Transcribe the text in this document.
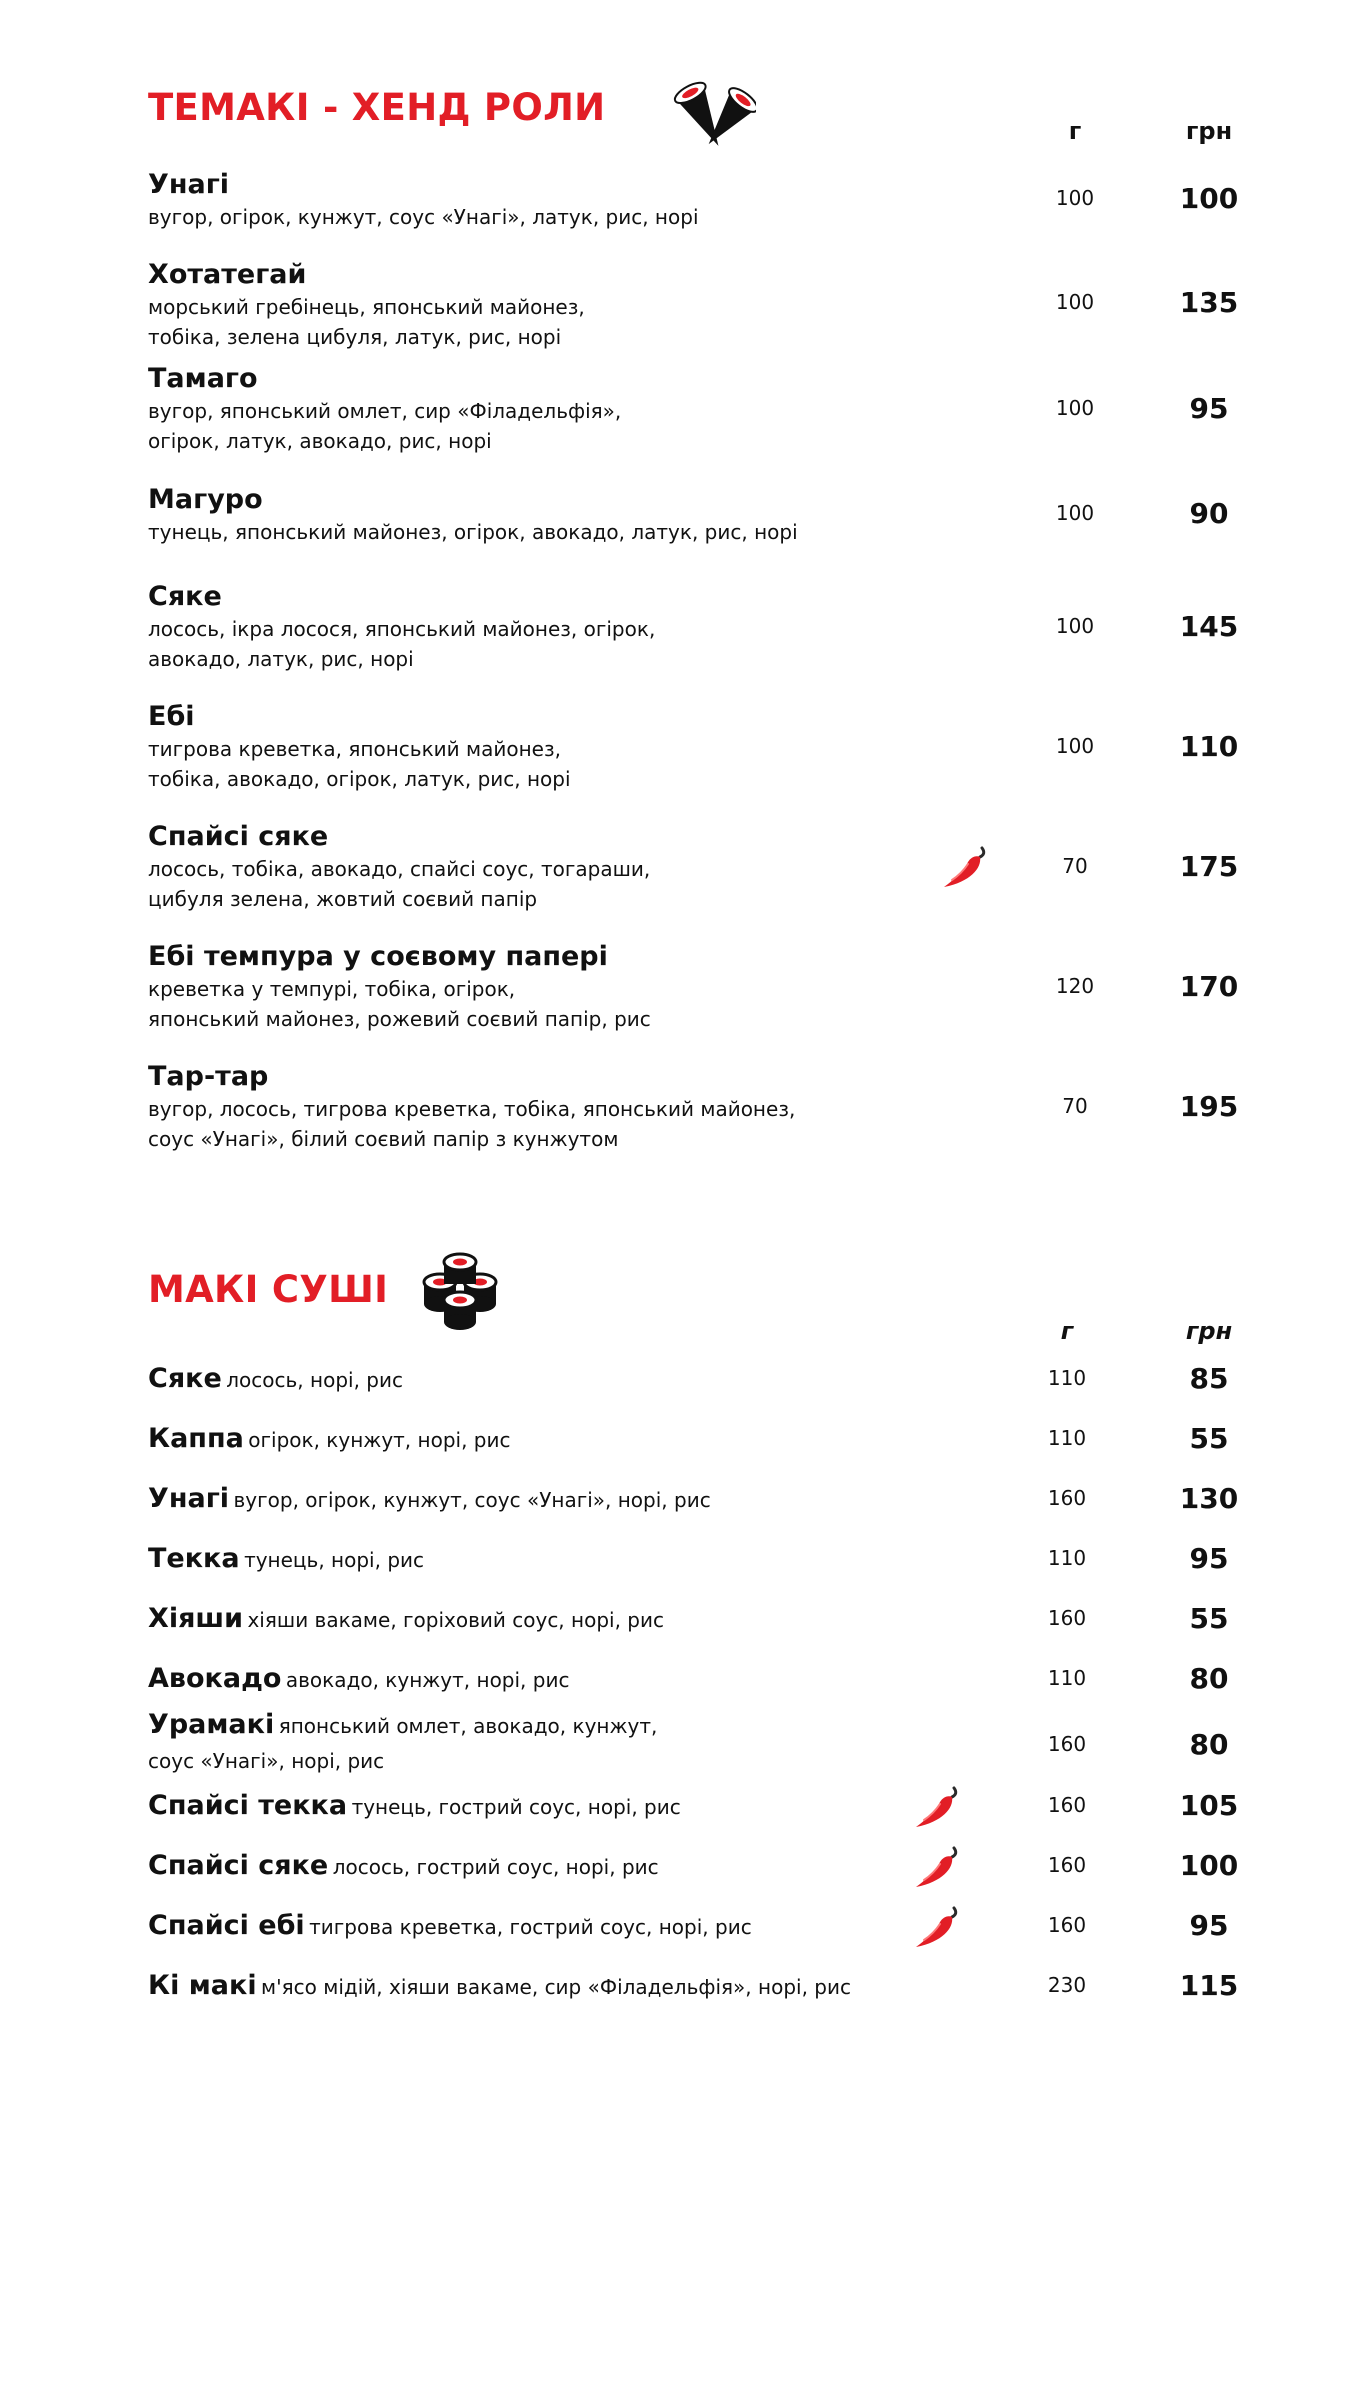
ТЕМАКІ - ХЕНД РОЛИ
г	грн
Унагі
вугор, огірок, кунжут, соус «Унагі», латук, рис, норі
100	100
Хотатегай
морський гребінець, японський майонез,
тобіка, зелена цибуля, латук, рис, норі
100	135
Тамаго
вугор, японський омлет, сир «Філадельфія»,
огірок, латук, авокадо, рис, норі
100	95
Магуро
тунець, японський майонез, огірок, авокадо, латук, рис, норі
100	90
Сяке
лосось, ікра лосося, японський майонез, огірок,
авокадо, латук, рис, норі
100	145
Ебі
тигрова креветка, японський майонез,
тобіка, авокадо, огірок, латук, рис, норі
100	110
Спайсі сяке
лосось, тобіка, авокадо, спайсі соус, тогараши,
цибуля зелена, жовтий соєвий папір
70	175
Ебі темпура у соєвому папері
креветка у темпурі, тобіка, огірок,
японський майонез, рожевий соєвий папір, рис
120	170
Тар-тар
вугор, лосось, тигрова креветка, тобіка, японський майонез,
соус «Унагі», білий соєвий папір з кунжутом
70	195
МАКІ СУШІ
г	грн
Сяке лосось, норі, рис	110	85
Каппа огірок, кунжут, норі, рис	110	55
Унагі вугор, огірок, кунжут, соус «Унагі», норі, рис	160	130
Текка тунець, норі, рис	110	95
Хіяши хіяши вакаме, горіховий соус, норі, рис	160	55
Авокадо авокадо, кунжут, норі, рис	110	80
Урамакі японський омлет, авокадо, кунжут,
соус «Унагі», норі, рис
160	80
Спайсі текка тунець, гострий соус, норі, рис	160	105
Спайсі сяке лосось, гострий соус, норі, рис	160	100
Спайсі ебі тигрова креветка, гострий соус, норі, рис	160	95
Кі макі м'ясо мідій, хіяши вакаме, сир «Філадельфія», норі, рис	230	115
